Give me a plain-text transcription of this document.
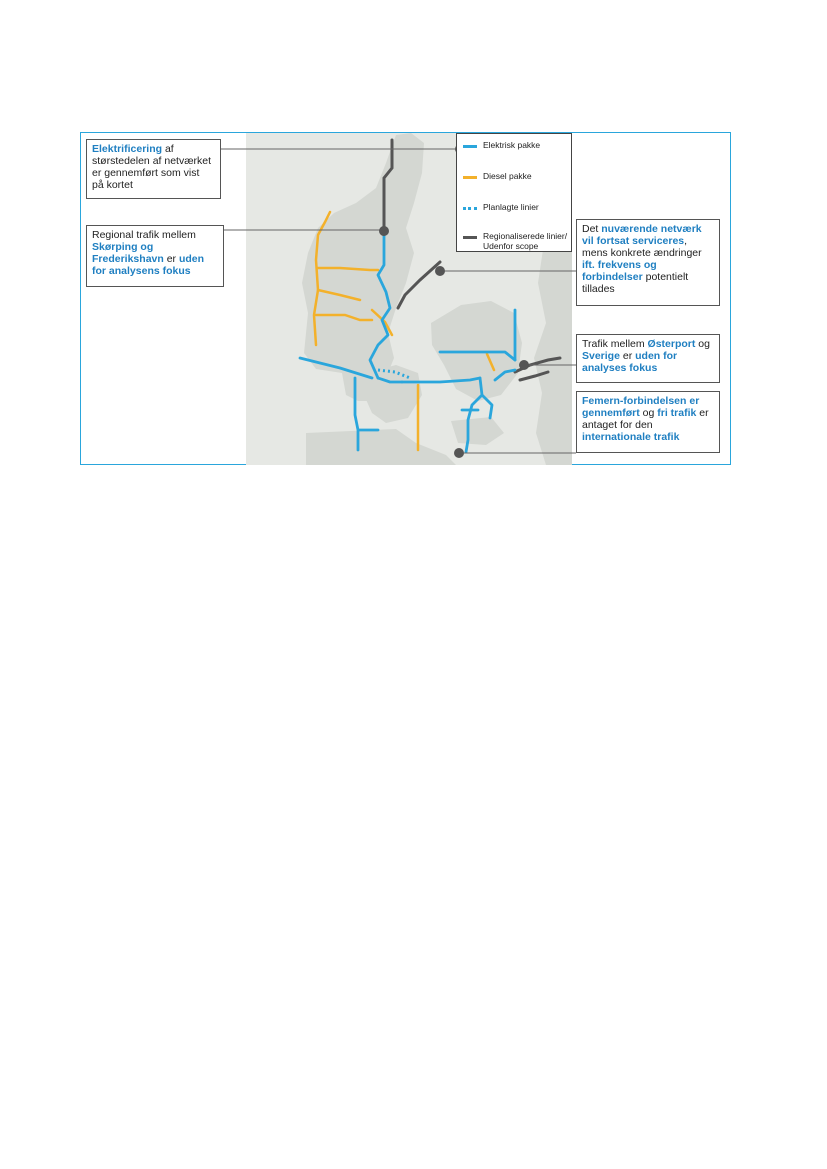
Elektrisk pakke
Diesel pakke
Planlagte linier
Regionaliserede linier/
Udenfor scope
Elektrificering af
størstedelen af netværket
er gennemført som vist
på kortet
Regional trafik mellem
Skørping og
Frederikshavn er uden
for analysens fokus
Det nuværende netværk
vil fortsat serviceres,
mens konkrete ændringer
ift. frekvens og
forbindelser potentielt
tillades
Trafik mellem Østerport og
Sverige er uden for
analyses fokus
Femern-forbindelsen er
gennemført og fri trafik er
antaget for den
internationale trafik
